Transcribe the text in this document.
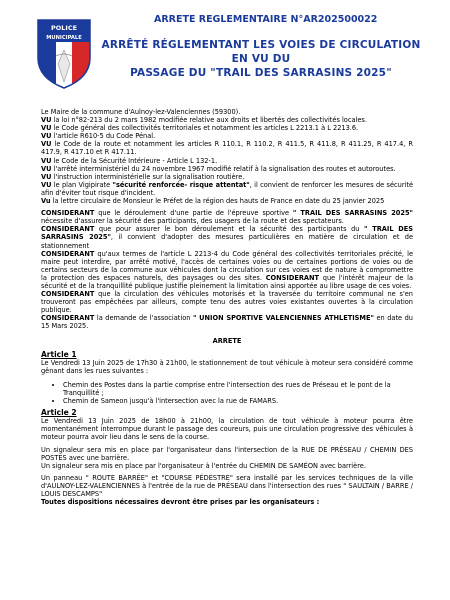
POLICE
MUNICIPALE
ARRETE REGLEMENTAIRE N°AR202500022
ARRÊTÉ RÉGLEMENTANT LES VOIES DE CIRCULATION EN VU DU
PASSAGE DU "TRAIL DES SARRASINS 2025"

Le Maire de la commune d'Aulnoy-lez-Valenciennes (59300).

VU la loi n°82-213 du 2 mars 1982 modifiée relative aux droits et libertés des collectivités locales.

VU le Code général des collectivités territoriales et notamment les articles L 2213.1 à L 2213.6.

VU l'article R610-5 du Code Pénal.

VU le Code de la route et notamment les articles R 110.1, R 110.2, R 411.5, R 411.8, R 411.25, R 417.4, R 417.9, R 417.10 et R 417.11.

VU le Code de la Sécurité Intérieure - Article L 132-1.

VU l'arrêté interministériel du 24 novembre 1967 modifié relatif à la signalisation des routes et autoroutes.

VU l'instruction interministérielle sur la signalisation routière.

VU le plan Vigipirate "sécurité renforcée- risque attentat", il convient de renforcer les mesures de sécurité afin d'éviter tout risque d'incident.

Vu la lettre circulaire de Monsieur le Préfet de la région des hauts de France en date du 25 janvier 2025

CONSIDERANT que le déroulement d'une partie de l'épreuve sportive " TRAIL DES SARRASINS 2025" nécessite d'assurer la sécurité des participants, des usagers de la route et des spectateurs.

CONSIDERANT que pour assurer le bon déroulement et la sécurité des participants du " TRAIL DES SARRASINS 2025", il convient d'adopter des mesures particulières en matière de circulation et de stationnement

CONSIDERANT qu'aux termes de l'article L 2213-4 du Code général des collectivités territoriales précité, le maire peut interdire, par arrêté motivé, l'accès de certaines voies ou de certaines portions de voies ou de certains secteurs de la commune aux véhicules dont la circulation sur ces voies est de nature à compromettre la protection des espaces naturels, des paysages ou des sites. CONSIDERANT que l'intérêt majeur de la sécurité et de la tranquillité publique justifie pleinement la limitation ainsi apportée au libre usage de ces voies.

CONSIDERANT que la circulation des véhicules motorisés et la traversée du territoire communal ne s'en trouveront pas empêchées par ailleurs, compte tenu des autres voies existantes ouvertes à la circulation publique.

CONSIDERANT la demande de l'association " UNION SPORTIVE VALENCIENNES ATHLETISME" en date du 15 Mars 2025.

ARRETE

Article 1

Le Vendredi 13 Juin 2025 de 17h30 à 21h00, le stationnement de tout véhicule à moteur sera considéré comme gênant dans les rues suivantes :

• Chemin des Postes dans la partie comprise entre l'intersection des rues de Préseau et le pont de la Tranquillité ;
• Chemin de Sameon jusqu'à l'intersection avec la rue de FAMARS.

Article 2

Le Vendredi 13 Juin 2025 de 18h00 à 21h00, la circulation de tout véhicule à moteur pourra être momentanément interrompue durant le passage des coureurs, puis une circulation progressive des véhicules à moteur pourra avoir lieu dans le sens de la course.

Un signaleur sera mis en place par l'organisateur dans l'intersection de la RUE DE PRÉSEAU / CHEMIN DES POSTES avec une barrière.

Un signaleur sera mis en place par l'organisateur à l'entrée du CHEMIN DE SAMÉON avec barrière.

Un panneau " ROUTE BARRÉE" et "COURSE PÉDESTRE" sera installé par les services techniques de la ville d'AULNOY-LEZ-VALENCIENNES à l'entrée de la rue de PRÉSEAU dans l'intersection des rues " SAULTAIN / BARRE / LOUIS DESCAMPS"

Toutes dispositions nécessaires devront être prises par les organisateurs :
